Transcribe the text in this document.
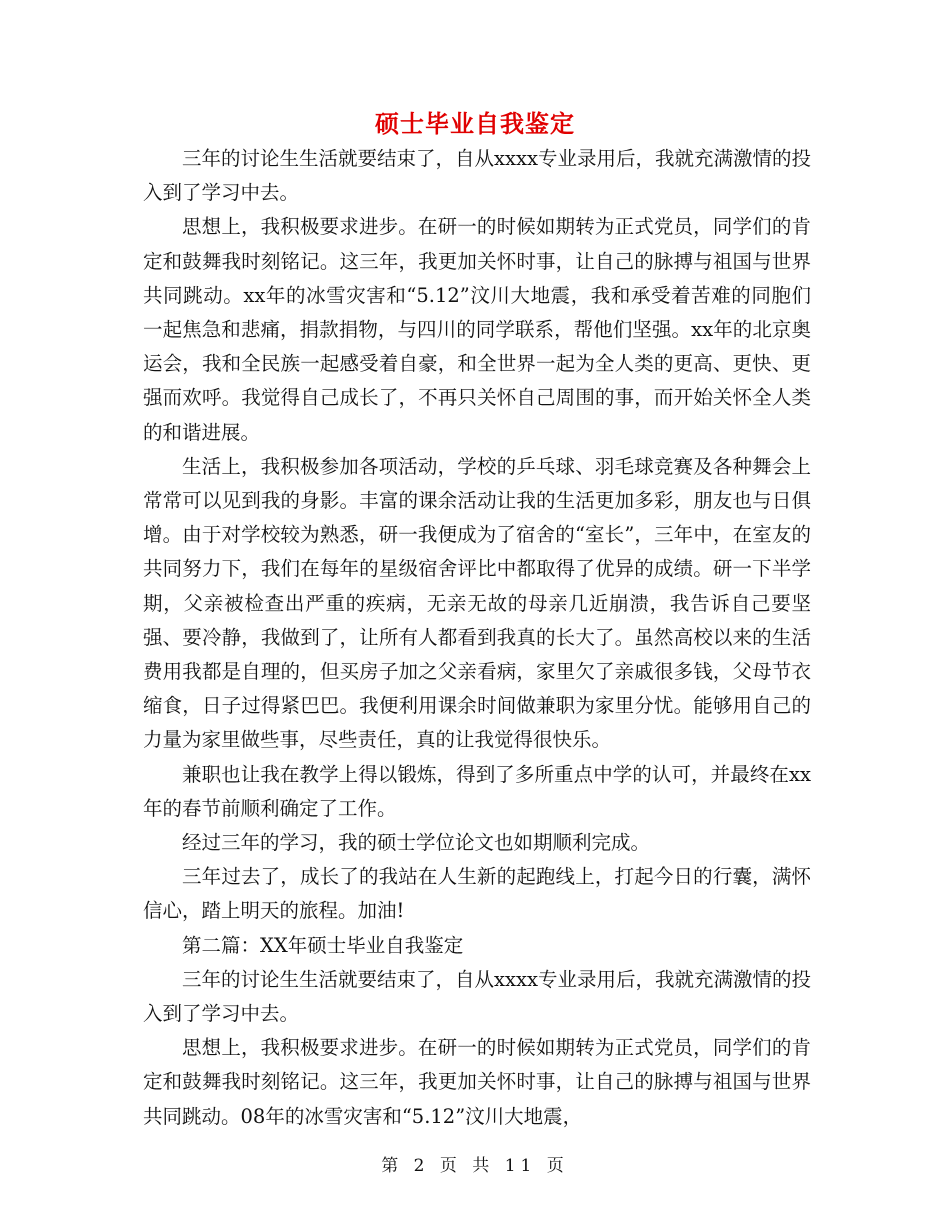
硕士毕业自我鉴定

三年的讨论生生活就要结束了，自从xxxx专业录用后，我就充满激情的投入到了学习中去。

思想上，我积极要求进步。在研一的时候如期转为正式党员，同学们的肯定和鼓舞我时刻铭记。这三年，我更加关怀时事，让自己的脉搏与祖国与世界共同跳动。xx年的冰雪灾害和“5.12”汶川大地震，我和承受着苦难的同胞们一起焦急和悲痛，捐款捐物，与四川的同学联系，帮他们坚强。xx年的北京奥运会，我和全民族一起感受着自豪，和全世界一起为全人类的更高、更快、更强而欢呼。我觉得自己成长了，不再只关怀自己周围的事，而开始关怀全人类的和谐进展。

生活上，我积极参加各项活动，学校的乒乓球、羽毛球竞赛及各种舞会上常常可以见到我的身影。丰富的课余活动让我的生活更加多彩，朋友也与日俱增。由于对学校较为熟悉，研一我便成为了宿舍的“室长”，三年中，在室友的共同努力下，我们在每年的星级宿舍评比中都取得了优异的成绩。研一下半学期，父亲被检查出严重的疾病，无亲无故的母亲几近崩溃，我告诉自己要坚强、要冷静，我做到了，让所有人都看到我真的长大了。虽然高校以来的生活费用我都是自理的，但买房子加之父亲看病，家里欠了亲戚很多钱，父母节衣缩食，日子过得紧巴巴。我便利用课余时间做兼职为家里分忧。能够用自己的力量为家里做些事，尽些责任，真的让我觉得很快乐。

兼职也让我在教学上得以锻炼，得到了多所重点中学的认可，并最终在xx年的春节前顺利确定了工作。

经过三年的学习，我的硕士学位论文也如期顺利完成。

三年过去了，成长了的我站在人生新的起跑线上，打起今日的行囊，满怀信心，踏上明天的旅程。加油!

第二篇：XX年硕士毕业自我鉴定

三年的讨论生生活就要结束了，自从xxxx专业录用后，我就充满激情的投入到了学习中去。

思想上，我积极要求进步。在研一的时候如期转为正式党员，同学们的肯定和鼓舞我时刻铭记。这三年，我更加关怀时事，让自己的脉搏与祖国与世界共同跳动。08年的冰雪灾害和“5.12”汶川大地震，

第 2 页 共 11 页
